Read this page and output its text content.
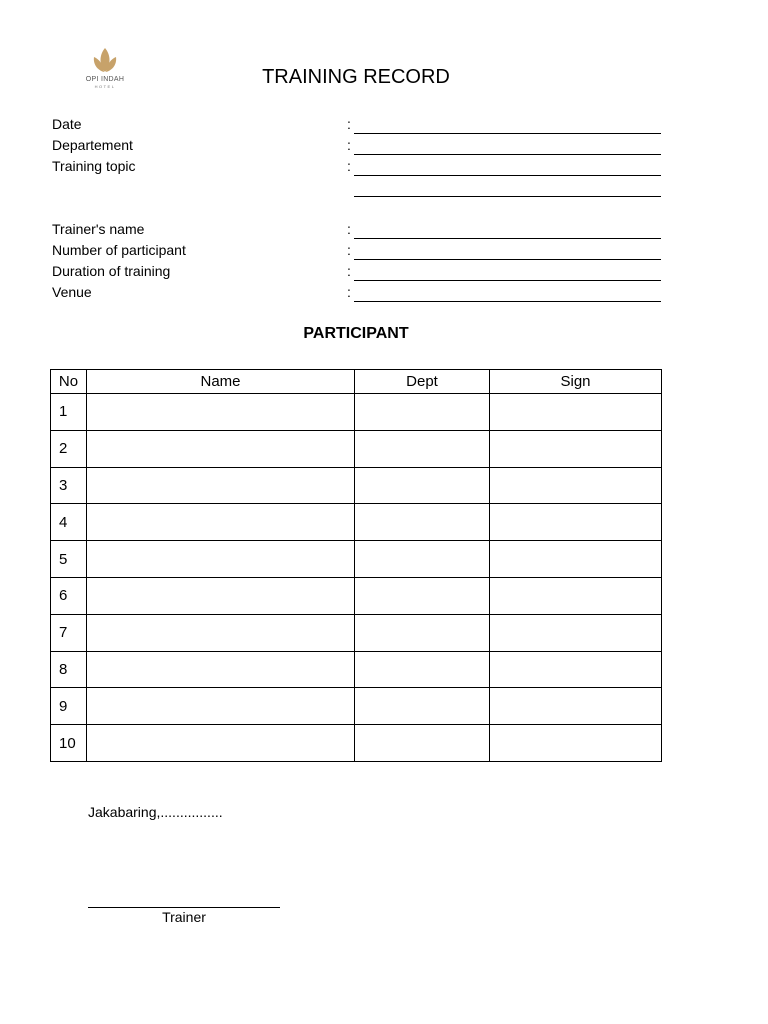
OPI INDAH
HOTEL	TRAINING RECORD
Date	:
Departement	:
Training topic	:
Trainer's name	:
Number of participant	:
Duration of training	:
Venue	:
PARTICIPANT
No	Name	Dept	Sign
1			
2			
3			
4			
5			
6			
7			
8			
9			
10			
Jakabaring,................
Trainer
